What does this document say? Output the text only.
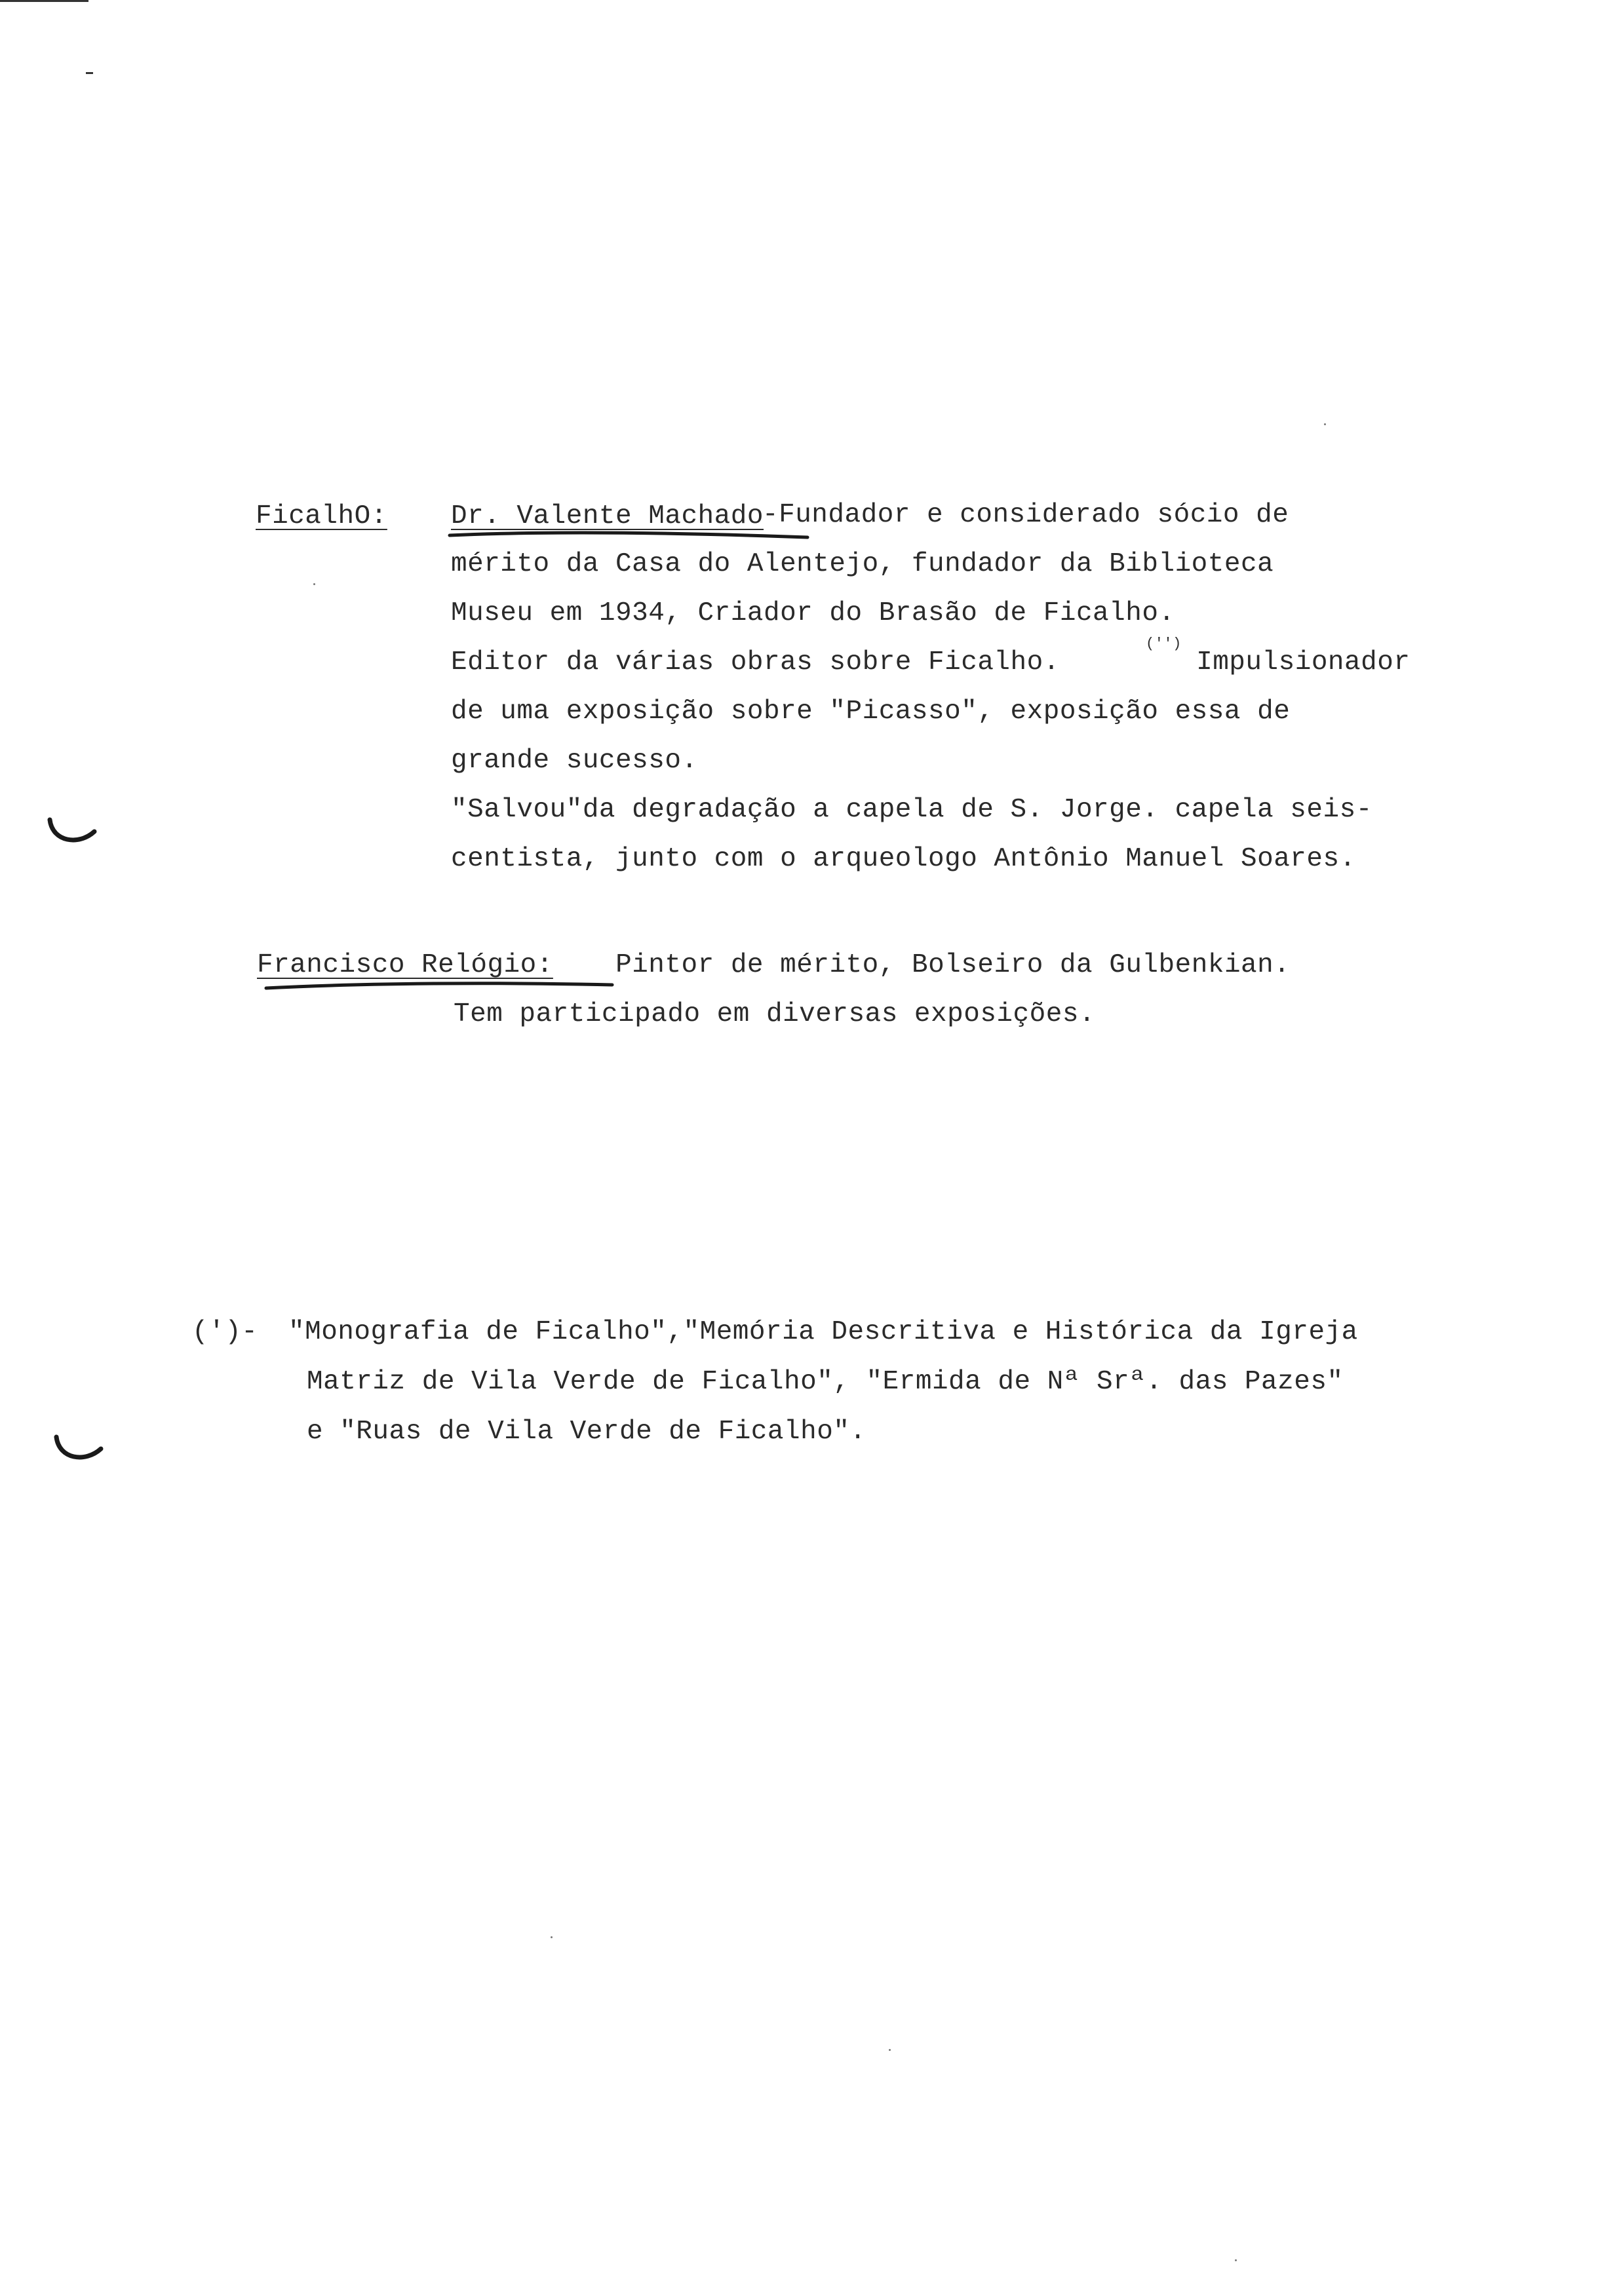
FicalhO: Dr. Valente Machado
-Fundador e considerado sócio de
mérito da Casa do Alentejo, fundador da Biblioteca
Museu em 1934, Criador do Brasão de Ficalho.
Editor da várias obras sobre Ficalho.
('')
Impulsionador
de uma exposição sobre "Picasso", exposição essa de
grande sucesso.
"Salvou"da degradação a capela de S. Jorge. capela seis-
centista, junto com o arqueologo Antônio Manuel Soares.
Francisco Relógio: Pintor de mérito, Bolseiro da Gulbenkian.
Tem participado em diversas exposições.
(')- "Monografia de Ficalho","Memória Descritiva e Histórica da Igreja
Matriz de Vila Verde de Ficalho", "Ermida de Nª Srª. das Pazes"
e "Ruas de Vila Verde de Ficalho".
